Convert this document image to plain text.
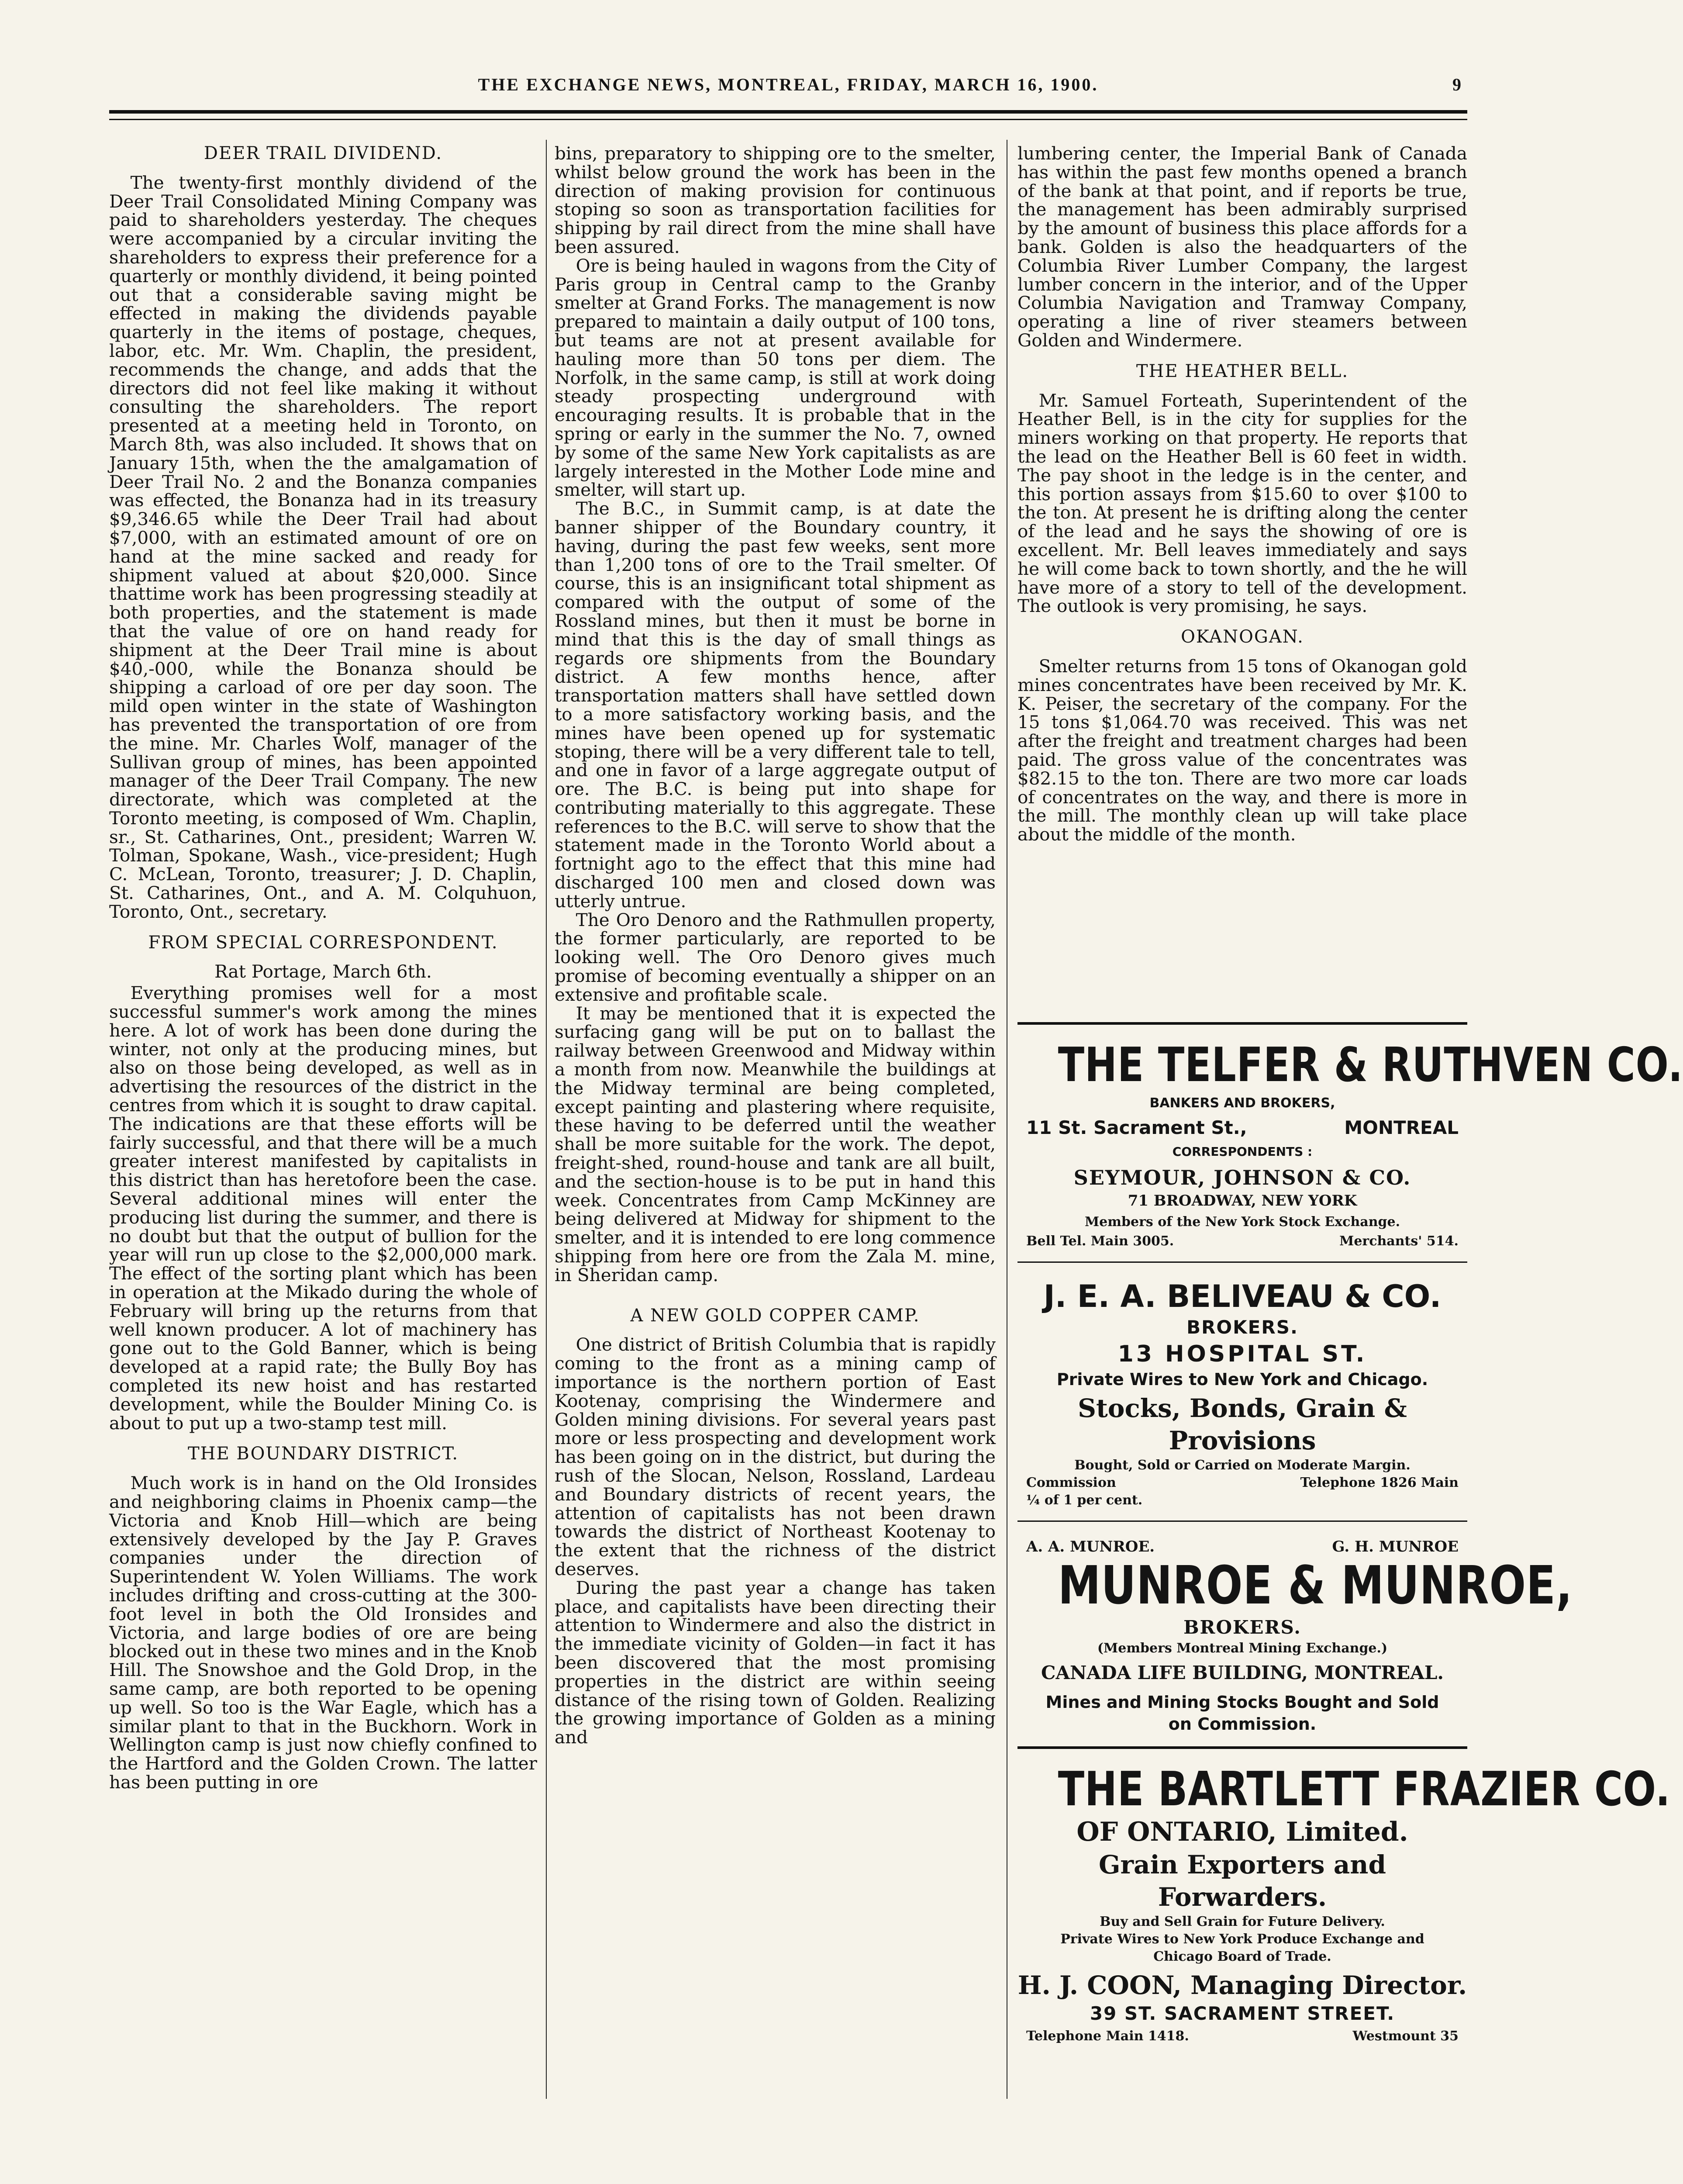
THE EXCHANGE NEWS, MONTREAL, FRIDAY, MARCH 16, 1900.	9
DEER TRAIL DIVIDEND.

The twenty-first monthly dividend of the Deer Trail Consolidated Mining Company was paid to shareholders yesterday. The cheques were accompanied by a circular inviting the shareholders to express their preference for a quarterly or monthly dividend, it being pointed out that a considerable saving might be effected in making the dividends payable quarterly in the items of postage, cheques, labor, etc. Mr. Wm. Chaplin, the president, recommends the change, and adds that the directors did not feel like making it without consulting the shareholders. The report presented at a meeting held in Toronto, on March 8th, was also included. It shows that on January 15th, when the the amalgamation of Deer Trail No. 2 and the Bonanza companies was effected, the Bonanza had in its treasury $9,346.65 while the Deer Trail had about $7,000, with an estimated amount of ore on hand at the mine sacked and ready for shipment valued at about $20,000. Since thattime work has been progressing steadily at both properties, and the statement is made that the value of ore on hand ready for shipment at the Deer Trail mine is about $40,-000, while the Bonanza should be shipping a carload of ore per day soon. The mild open winter in the state of Washington has prevented the transportation of ore from the mine. Mr. Charles Wolf, manager of the Sullivan group of mines, has been appointed manager of the Deer Trail Company. The new directorate, which was completed at the Toronto meeting, is composed of Wm. Chaplin, sr., St. Catharines, Ont., president; Warren W. Tolman, Spokane, Wash., vice-president; Hugh C. McLean, Toronto, treasurer; J. D. Chaplin, St. Catharines, Ont., and A. M. Colquhuon, Toronto, Ont., secretary.

FROM SPECIAL CORRESPONDENT.

Rat Portage, March 6th.

Everything promises well for a most successful summer's work among the mines here. A lot of work has been done during the winter, not only at the producing mines, but also on those being developed, as well as in advertising the resources of the district in the centres from which it is sought to draw capital. The indications are that these efforts will be fairly successful, and that there will be a much greater interest manifested by capitalists in this district than has heretofore been the case. Several additional mines will enter the producing list during the summer, and there is no doubt but that the output of bullion for the year will run up close to the $2,000,000 mark. The effect of the sorting plant which has been in operation at the Mikado during the whole of February will bring up the returns from that well known producer. A lot of machinery has gone out to the Gold Banner, which is being developed at a rapid rate; the Bully Boy has completed its new hoist and has restarted development, while the Boulder Mining Co. is about to put up a two-stamp test mill.

THE BOUNDARY DISTRICT.

Much work is in hand on the Old Ironsides and neighboring claims in Phoenix camp—the Victoria and Knob Hill—which are being extensively developed by the Jay P. Graves companies under the direction of Superintendent W. Yolen Williams. The work includes drifting and cross-cutting at the 300-foot level in both the Old Ironsides and Victoria, and large bodies of ore are being blocked out in these two mines and in the Knob Hill. The Snowshoe and the Gold Drop, in the same camp, are both reported to be opening up well. So too is the War Eagle, which has a similar plant to that in the Buckhorn. Work in Wellington camp is just now chiefly confined to the Hartford and the Golden Crown. The latter has been putting in ore

bins, preparatory to shipping ore to the smelter, whilst below ground the work has been in the direction of making provision for continuous stoping so soon as transportation facilities for shipping by rail direct from the mine shall have been assured.

Ore is being hauled in wagons from the City of Paris group in Central camp to the Granby smelter at Grand Forks. The management is now prepared to maintain a daily output of 100 tons, but teams are not at present available for hauling more than 50 tons per diem. The Norfolk, in the same camp, is still at work doing steady prospecting underground with encouraging results. It is probable that in the spring or early in the summer the No. 7, owned by some of the same New York capitalists as are largely interested in the Mother Lode mine and smelter, will start up.

The B.C., in Summit camp, is at date the banner shipper of the Boundary country, it having, during the past few weeks, sent more than 1,200 tons of ore to the Trail smelter. Of course, this is an insignificant total shipment as compared with the output of some of the Rossland mines, but then it must be borne in mind that this is the day of small things as regards ore shipments from the Boundary district. A few months hence, after transportation matters shall have settled down to a more satisfactory working basis, and the mines have been opened up for systematic stoping, there will be a very different tale to tell, and one in favor of a large aggregate output of ore. The B.C. is being put into shape for contributing materially to this aggregate. These references to the B.C. will serve to show that the statement made in the Toronto World about a fortnight ago to the effect that this mine had discharged 100 men and closed down was utterly untrue.

The Oro Denoro and the Rathmullen property, the former particularly, are reported to be looking well. The Oro Denoro gives much promise of becoming eventually a shipper on an extensive and profitable scale.

It may be mentioned that it is expected the surfacing gang will be put on to ballast the railway between Greenwood and Midway within a month from now. Meanwhile the buildings at the Midway terminal are being completed, except painting and plastering where requisite, these having to be deferred until the weather shall be more suitable for the work. The depot, freight-shed, round-house and tank are all built, and the section-house is to be put in hand this week. Concentrates from Camp McKinney are being delivered at Midway for shipment to the smelter, and it is intended to ere long commence shipping from here ore from the Zala M. mine, in Sheridan camp.

A NEW GOLD COPPER CAMP.

One district of British Columbia that is rapidly coming to the front as a mining camp of importance is the northern portion of East Kootenay, comprising the Windermere and Golden mining divisions. For several years past more or less prospecting and development work has been going on in the district, but during the rush of the Slocan, Nelson, Rossland, Lardeau and Boundary districts of recent years, the attention of capitalists has not been drawn towards the district of Northeast Kootenay to the extent that the richness of the district deserves.

During the past year a change has taken place, and capitalists have been directing their attention to Windermere and also the district in the immediate vicinity of Golden—in fact it has been discovered that the most promising properties in the district are within seeing distance of the rising town of Golden. Realizing the growing importance of Golden as a mining and

lumbering center, the Imperial Bank of Canada has within the past few months opened a branch of the bank at that point, and if reports be true, the management has been admirably surprised by the amount of business this place affords for a bank. Golden is also the headquarters of the Columbia River Lumber Company, the largest lumber concern in the interior, and of the Upper Columbia Navigation and Tramway Company, operating a line of river steamers between Golden and Windermere.

THE HEATHER BELL.

Mr. Samuel Forteath, Superintendent of the Heather Bell, is in the city for supplies for the miners working on that property. He reports that the lead on the Heather Bell is 60 feet in width. The pay shoot in the ledge is in the center, and this portion assays from $15.60 to over $100 to the ton. At present he is drifting along the center of the lead and he says the showing of ore is excellent. Mr. Bell leaves immediately and says he will come back to town shortly, and the he will have more of a story to tell of the development. The outlook is very promising, he says.

OKANOGAN.

Smelter returns from 15 tons of Okanogan gold mines concentrates have been received by Mr. K. K. Peiser, the secretary of the company. For the 15 tons $1,064.70 was received. This was net after the freight and treatment charges had been paid. The gross value of the concentrates was $82.15 to the ton. There are two more car loads of concentrates on the way, and there is more in the mill. The monthly clean up will take place about the middle of the month.

THE TELFER & RUTHVEN CO.
BANKERS AND BROKERS,
11 St. Sacrament St.,	MONTREAL
CORRESPONDENTS :
SEYMOUR, JOHNSON & CO.
71 BROADWAY, NEW YORK
Members of the New York Stock Exchange.
Bell Tel. Main 3005.	Merchants' 514.
J. E. A. BELIVEAU & CO.
BROKERS.
13 HOSPITAL ST.
Private Wires to New York and Chicago.
Stocks, Bonds, Grain & Provisions
Bought, Sold or Carried on Moderate Margin.
Commission	Telephone 1826 Main
¼ of 1 per cent.
A. A. MUNROE.	G. H. MUNROE
MUNROE & MUNROE,
BROKERS.
(Members Montreal Mining Exchange.)
CANADA LIFE BUILDING, MONTREAL.
Mines and Mining Stocks Bought and Sold on Commission.
THE BARTLETT FRAZIER CO.
OF ONTARIO, Limited.
Grain Exporters and Forwarders.
Buy and Sell Grain for Future Delivery.
Private Wires to New York Produce Exchange and Chicago Board of Trade.
H. J. COON, Managing Director.
39 ST. SACRAMENT STREET.
Telephone Main 1418.	Westmount 35
